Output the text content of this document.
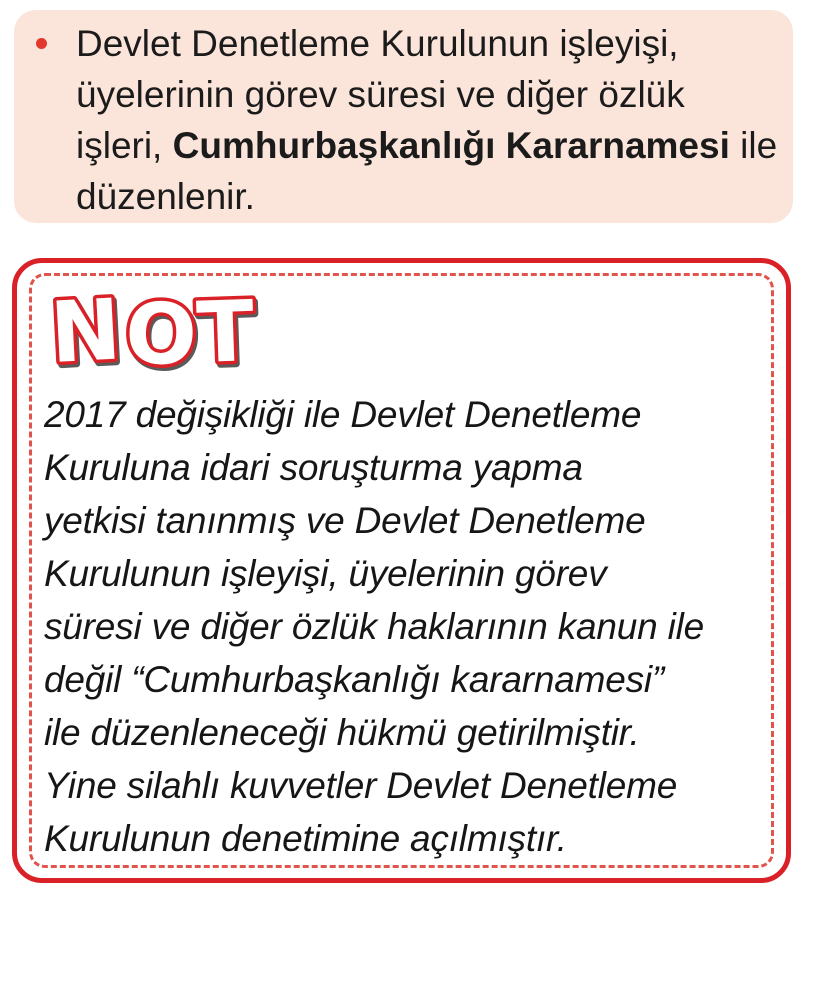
Devlet Denetleme Kurulunun işleyişi,
üyelerinin görev süresi ve diğer özlük
işleri, Cumhurbaşkanlığı Kararnamesi ile
düzenlenir.
NOT
2017 değişikliği ile Devlet Denetleme
Kuruluna idari soruşturma yapma
yetkisi tanınmış ve Devlet Denetleme
Kurulunun işleyişi, üyelerinin görev
süresi ve diğer özlük haklarının kanun ile
değil “Cumhurbaşkanlığı kararnamesi”
ile düzenleneceği hükmü getirilmiştir.
Yine silahlı kuvvetler Devlet Denetleme
Kurulunun denetimine açılmıştır.
